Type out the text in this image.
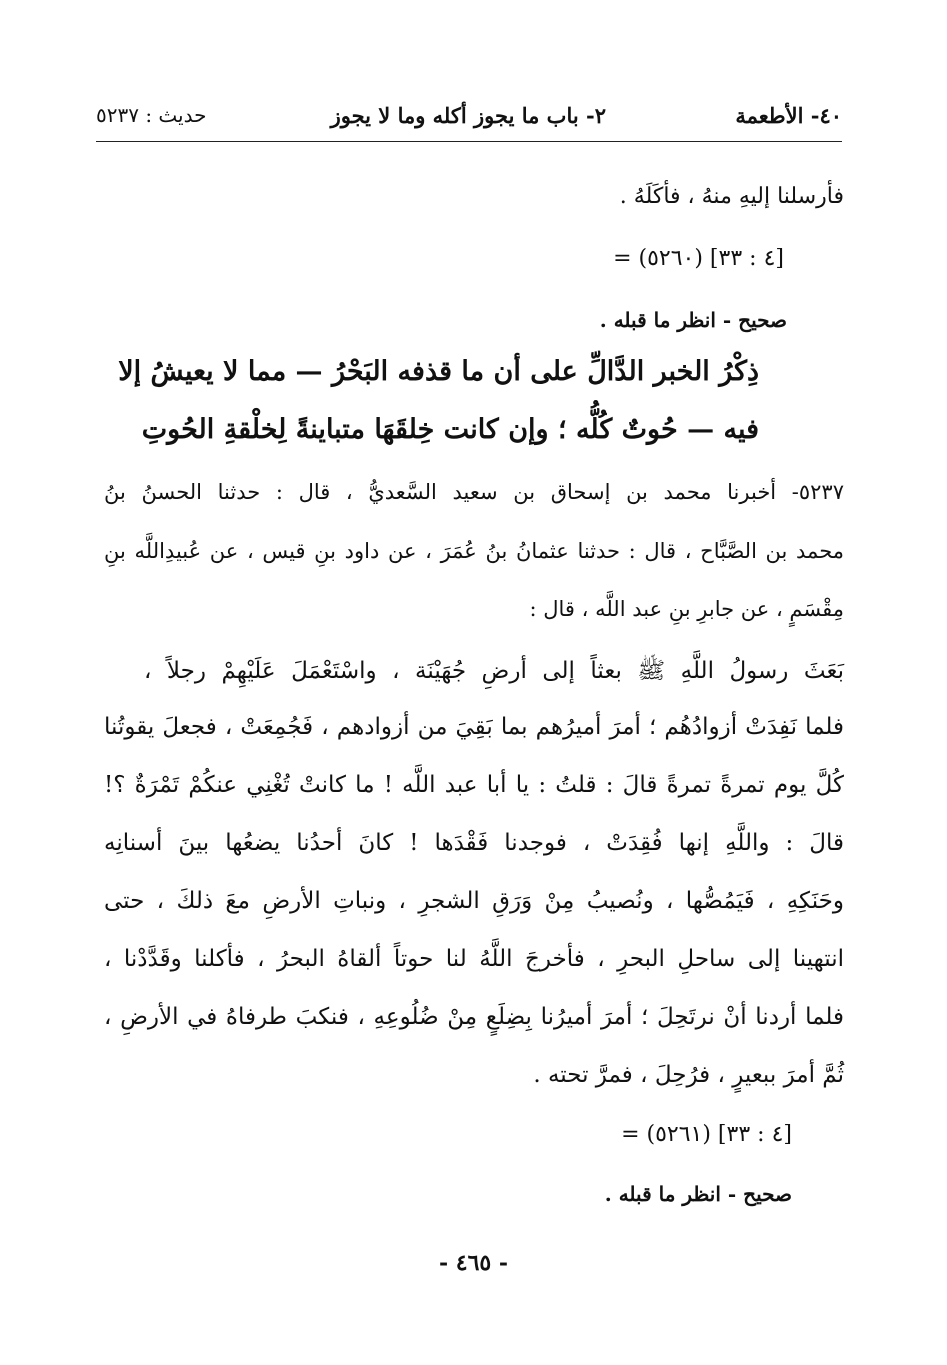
٤٠- الأطعمة
٢- باب ما يجوز أكله وما لا يجوز
حديث : ٥٢٣٧
فأرسلنا إليهِ منهُ ، فأكَلَهُ .
= (٥٢٦٠) [٤ : ٣٣]
صحيح - انظر ما قبله .
ذِكْرُ الخبر الدَّالِّ على أن ما قذفه البَحْرُ — مما لا يعيشُ إلا
فيه — حُوتٌ كُلُّه ؛ وإن كانت خِلقَهَا متباينةً لِخلْقةِ الحُوتِ
٥٢٣٧- أخبرنا محمد بن إسحاق بن سعيد السَّعديُّ ، قال : حدثنا الحسنُ بنُ
محمد بن الصَّبَّاح ، قال : حدثنا عثمانُ بنُ عُمَرَ ، عن داود بنِ قيس ، عن عُبيدِاللَّه بنِ
مِقْسَمٍ ، عن جابرِ بنِ عبد اللَّه ، قال :
بَعَثَ رسولُ اللَّهِ ﷺ بعثاً إلى أرضِ جُهَيْنَة ، واسْتَعْمَلَ عَلَيْهِمْ رجلاً ،
فلما نَفِدَتْ أزوادُهُم ؛ أمرَ أميرُهم بما بَقِيَ من أزوادهم ، فَجُمِعَتْ ، فجعلَ يقوتُنا
كُلَّ يوم تمرةً تمرةً قالَ : قلتُ : يا أبا عبد اللَّه ! ما كانتْ تُغْنِي عنكُمْ تَمْرَةٌ ؟!
قالَ : واللَّهِ إنها فُقِدَتْ ، فوجدنا فَقْدَها ! كانَ أحدُنا يضعُها بينَ أسنانِه
وحَنَكِهِ ، فَيَمُصُّها ، ونُصيبُ مِنْ وَرَقِ الشجرِ ، ونباتِ الأرضِ معَ ذلكَ ، حتى
انتهينا إلى ساحلِ البحرِ ، فأخرجَ اللَّهُ لنا حوتاً ألقاهُ البحرُ ، فأكلنا وقَدَّدْنا ،
فلما أردنا أنْ نرتَحِلَ ؛ أمرَ أميرُنا بِضِلَعٍ مِنْ ضُلُوعِهِ ، فنكبَ طرفاهُ في الأرضِ ،
ثُمَّ أمرَ ببعيرٍ ، فرُحِلَ ، فمرَّ تحته .
= (٥٢٦١) [٤ : ٣٣]
صحيح - انظر ما قبله .
- ٤٦٥ -
